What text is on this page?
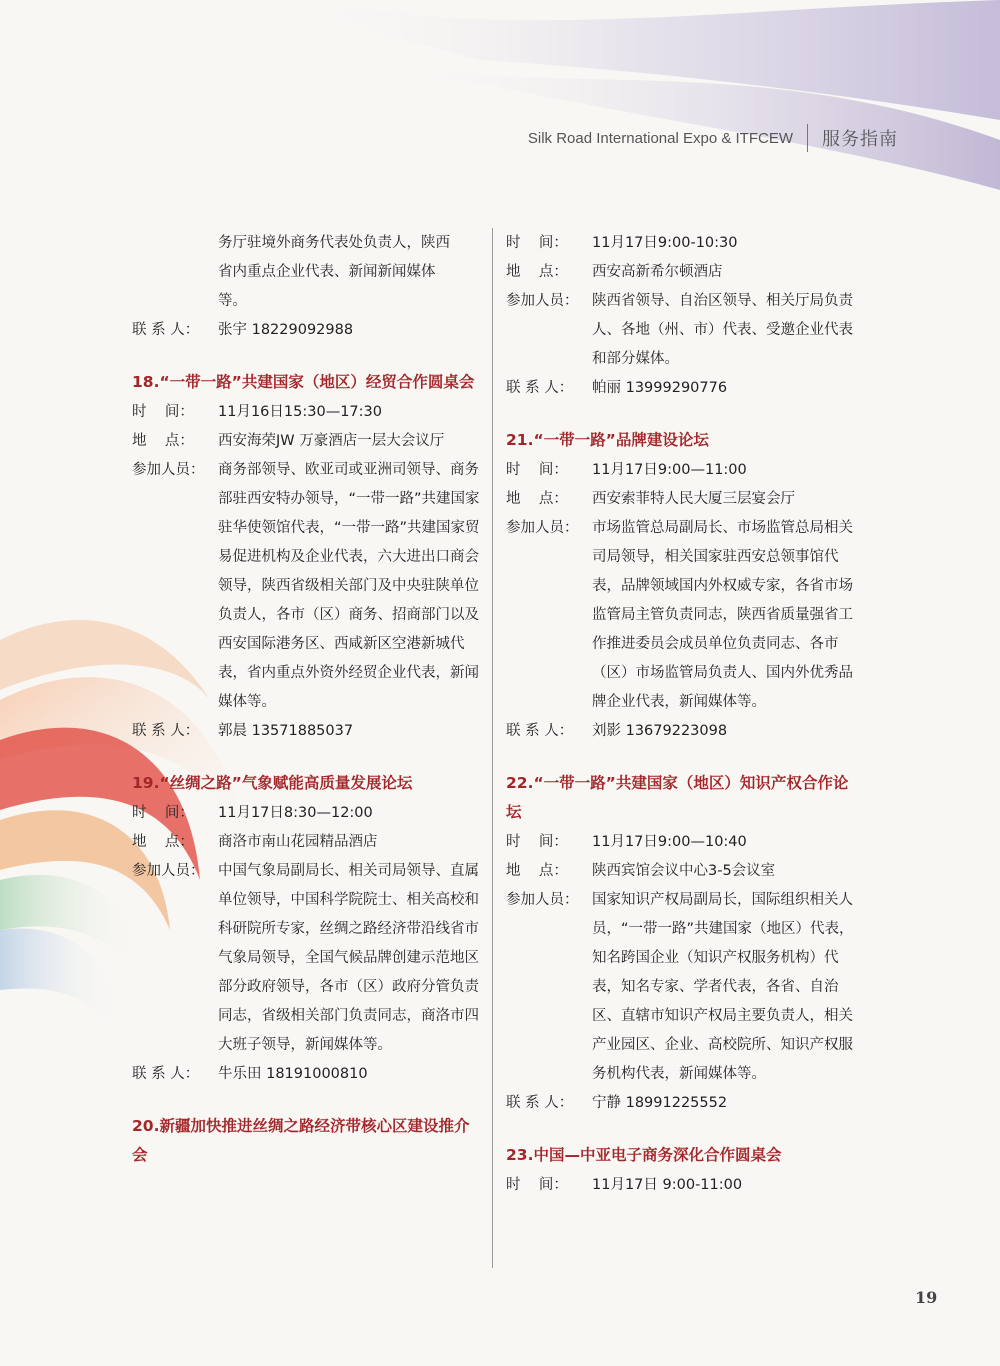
Silk Road International Expo & ITFCEW 服务指南
务厅驻境外商务代表处负责人，陕西
省内重点企业代表、新闻新闻媒体
等。
联 系 人：	张宇 18229092988
18.“一带一路”共建国家（地区）经贸合作圆桌会
时    间：	11月16日15:30—17:30
地    点：	西安海荣JW 万豪酒店一层大会议厅
参加人员： 商务部领导、欧亚司或亚洲司领导、商务部驻西安特办领导，“一带一路”共建国家驻华使领馆代表，“一带一路”共建国家贸易促进机构及企业代表，六大进出口商会领导，陕西省级相关部门及中央驻陕单位负责人，各市（区）商务、招商部门以及西安国际港务区、西咸新区空港新城代表，省内重点外资外经贸企业代表，新闻媒体等。
联 系 人：	郭晨 13571885037
19.“丝绸之路”气象赋能高质量发展论坛
时    间：	11月17日8:30—12:00
地    点：	商洛市南山花园精品酒店
参加人员： 中国气象局副局长、相关司局领导、直属单位领导，中国科学院院士、相关高校和科研院所专家，丝绸之路经济带沿线省市气象局领导，全国气候品牌创建示范地区部分政府领导，各市（区）政府分管负责同志，省级相关部门负责同志，商洛市四大班子领导，新闻媒体等。
联 系 人：	牛乐田 18191000810
20.新疆加快推进丝绸之路经济带核心区建设推介会
时    间：	11月17日9:00-10:30
地    点：	西安高新希尔顿酒店
参加人员： 陕西省领导、自治区领导、相关厅局负责人、各地（州、市）代表、受邀企业代表和部分媒体。
联 系 人：	帕丽 13999290776
21.“一带一路”品牌建设论坛
时    间：	11月17日9:00—11:00
地    点：	西安索菲特人民大厦三层宴会厅
参加人员： 市场监管总局副局长、市场监管总局相关司局领导，相关国家驻西安总领事馆代表，品牌领域国内外权威专家，各省市场监管局主管负责同志，陕西省质量强省工作推进委员会成员单位负责同志、各市（区）市场监管局负责人、国内外优秀品牌企业代表，新闻媒体等。
联 系 人：	刘影 13679223098
22.“一带一路”共建国家（地区）知识产权合作论坛
时    间：	11月17日9:00—10:40
地    点：	陕西宾馆会议中心3-5会议室
参加人员： 国家知识产权局副局长，国际组织相关人员，“一带一路”共建国家（地区）代表，知名跨国企业（知识产权服务机构）代表，知名专家、学者代表，各省、自治区、直辖市知识产权局主要负责人，相关产业园区、企业、高校院所、知识产权服务机构代表，新闻媒体等。
联 系 人：	宁静 18991225552
23.中国—中亚电子商务深化合作圆桌会
时    间：	11月17日 9:00-11:00
19
